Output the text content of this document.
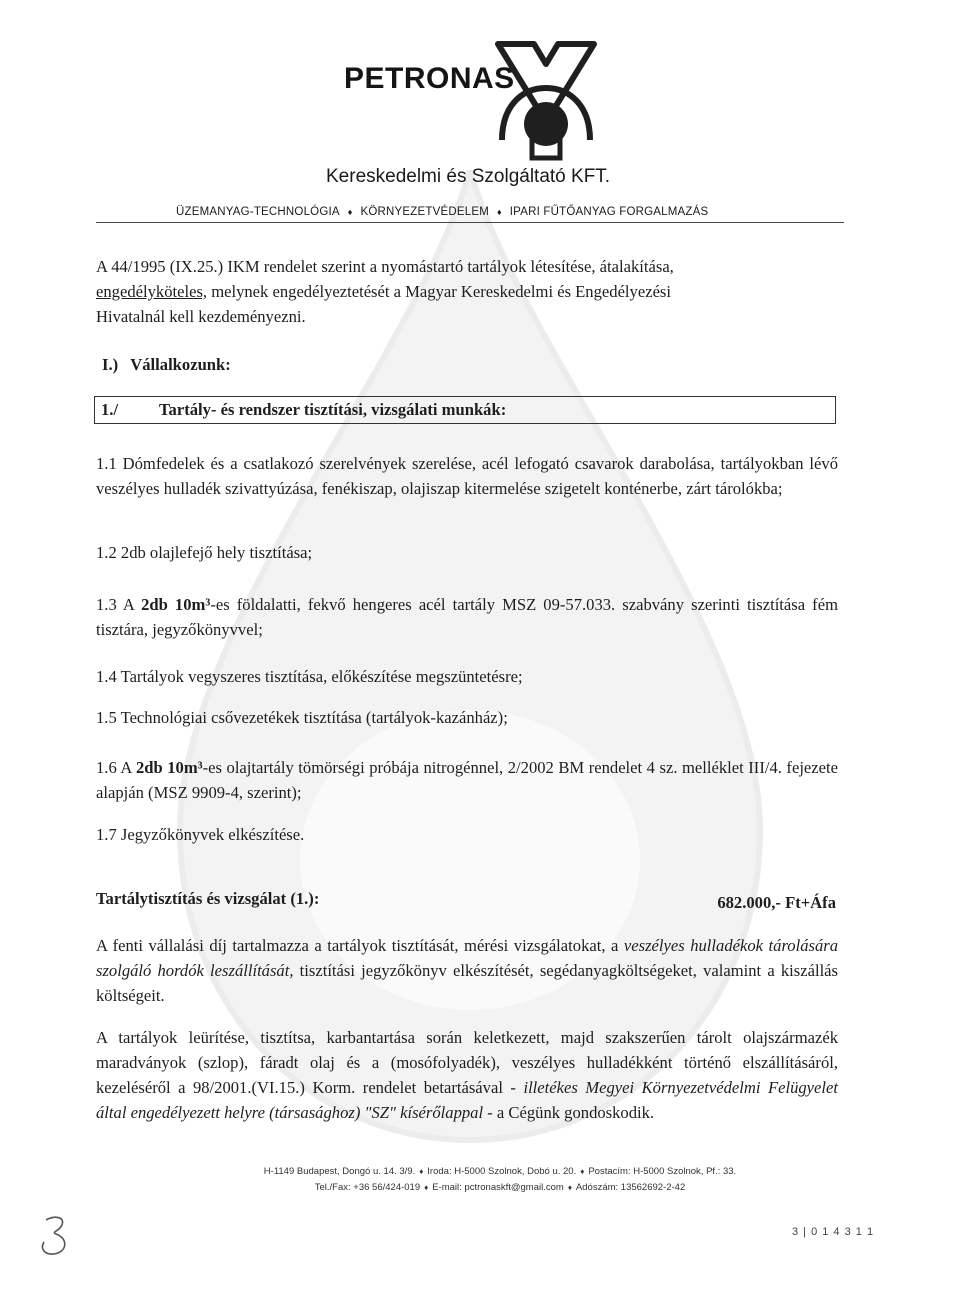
PETRONAS
Kereskedelmi és Szolgáltató KFT.
ÜZEMANYAG-TECHNOLÓGIA ♦ KÖRNYEZETVÉDELEM ♦ IPARI FŰTŐANYAG FORGALMAZÁS
A 44/1995 (IX.25.) IKM rendelet szerint a nyomástartó tartályok létesítése, átalakítása,
engedélyköteles, melynek engedélyeztetését a Magyar Kereskedelmi és Engedélyezési
Hivatalnál kell kezdeményezni.
I.)   Vállalkozunk:
1./ Tartály- és rendszer tisztítási, vizsgálati munkák:
1.1 Dómfedelek és a csatlakozó szerelvények szerelése, acél lefogató csavarok darabolása, tartályokban lévő veszélyes hulladék szivattyúzása, fenékiszap, olajiszap kitermelése szigetelt konténerbe, zárt tárolókba;
1.2 2db olajlefejő hely tisztítása;
1.3 A 2db 10m³-es földalatti, fekvő hengeres acél tartály MSZ 09-57.033. szabvány szerinti tisztítása fém tisztára, jegyzőkönyvvel;
1.4 Tartályok vegyszeres tisztítása, előkészítése megszüntetésre;
1.5 Technológiai csővezetékek tisztítása (tartályok-kazánház);
1.6 A 2db 10m³-es olajtartály tömörségi próbája nitrogénnel, 2/2002 BM rendelet 4 sz. melléklet III/4. fejezete alapján (MSZ 9909-4, szerint);
1.7 Jegyzőkönyvek elkészítése.
Tartálytisztítás és vizsgálat (1.):	682.000,- Ft+Áfa
A fenti vállalási díj tartalmazza a tartályok tisztítását, mérési vizsgálatokat, a veszélyes hulladékok tárolására szolgáló hordók leszállítását, tisztítási jegyzőkönyv elkészítését, segédanyagköltségeket, valamint a kiszállás költségeit.
A tartályok leürítése, tisztítsa, karbantartása során keletkezett, majd szakszerűen tárolt olajszármazék maradványok (szlop), fáradt olaj és a (mosófolyadék), veszélyes hulladékként történő elszállításáról, kezeléséről a 98/2001.(VI.15.) Korm. rendelet betartásával - illetékes Megyei Környezetvédelmi Felügyelet által engedélyezett helyre (társasághoz) "SZ" kísérőlappal - a Cégünk gondoskodik.
H-1149 Budapest, Dongó u. 14. 3/9. ♦ Iroda: H-5000 Szolnok, Dobó u. 20. ♦ Postacím: H-5000 Szolnok, Pf.: 33.
Tel./Fax: +36 56/424-019 ♦ E-mail: pctronaskft@gmail.com ♦ Adószám: 13562692-2-42
3 | 0 1 4 3 1 1
